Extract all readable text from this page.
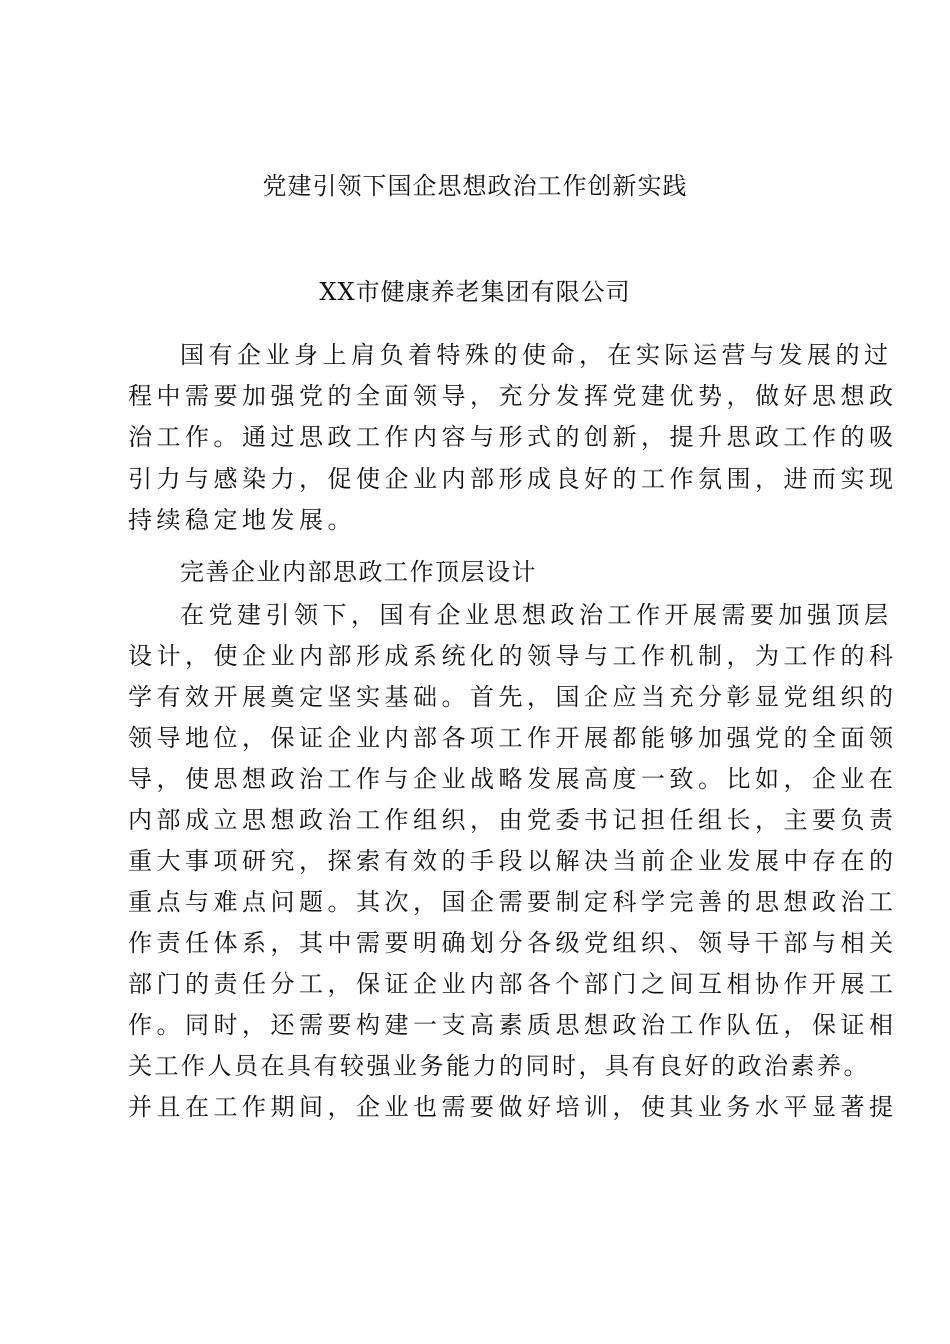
党建引领下国企思想政治工作创新实践
XX市健康养老集团有限公司

国有企业身上肩负着特殊的使命，在实际运营与发展的过

程中需要加强党的全面领导，充分发挥党建优势，做好思想政

治工作。通过思政工作内容与形式的创新，提升思政工作的吸

引力与感染力，促使企业内部形成良好的工作氛围，进而实现

持续稳定地发展。

完善企业内部思政工作顶层设计

在党建引领下，国有企业思想政治工作开展需要加强顶层

设计，使企业内部形成系统化的领导与工作机制，为工作的科

学有效开展奠定坚实基础。首先，国企应当充分彰显党组织的

领导地位，保证企业内部各项工作开展都能够加强党的全面领

导，使思想政治工作与企业战略发展高度一致。比如，企业在

内部成立思想政治工作组织，由党委书记担任组长，主要负责

重大事项研究，探索有效的手段以解决当前企业发展中存在的

重点与难点问题。其次，国企需要制定科学完善的思想政治工

作责任体系，其中需要明确划分各级党组织、领导干部与相关

部门的责任分工，保证企业内部各个部门之间互相协作开展工

作。同时，还需要构建一支高素质思想政治工作队伍，保证相

关工作人员在具有较强业务能力的同时，具有良好的政治素养。

并且在工作期间，企业也需要做好培训，使其业务水平显著提
